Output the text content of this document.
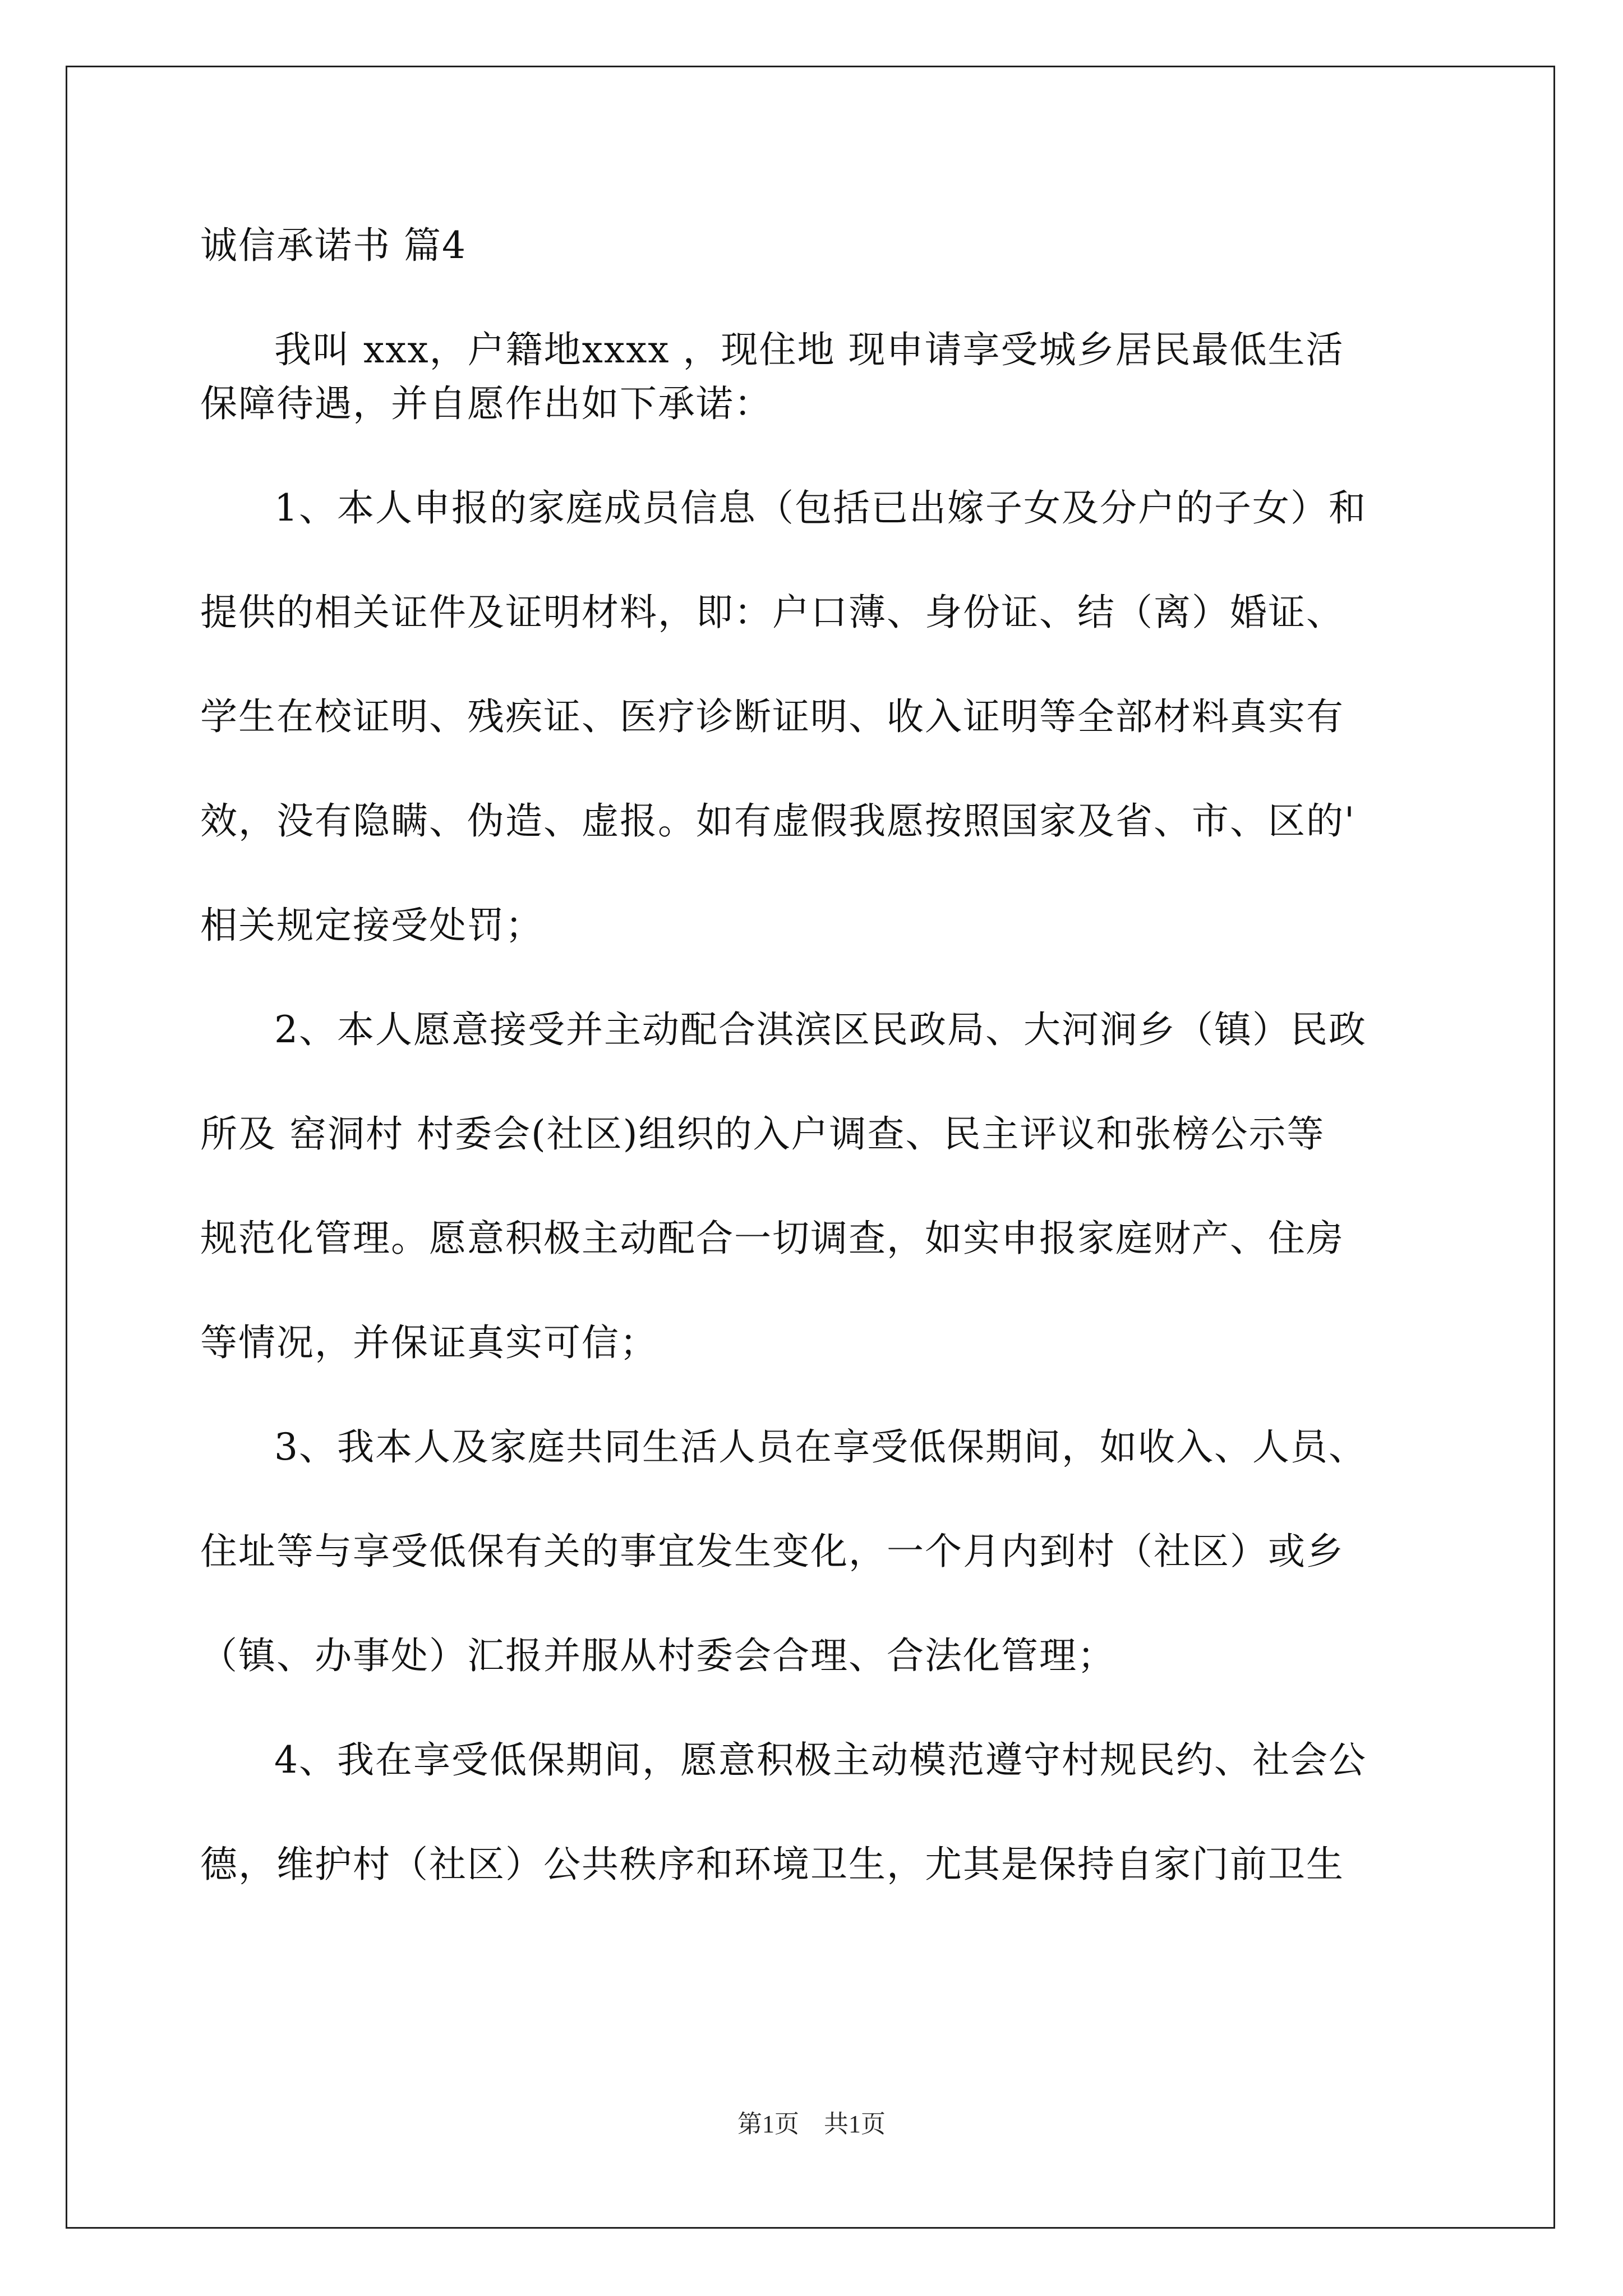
诚信承诺书 篇4
我叫 xxx，户籍地xxxx ，现住地 现申请享受城乡居民最低生活
保障待遇，并自愿作出如下承诺：
1、本人申报的家庭成员信息（包括已出嫁子女及分户的子女）和
提供的相关证件及证明材料，即：户口薄、身份证、结（离）婚证、
学生在校证明、残疾证、医疗诊断证明、收入证明等全部材料真实有
效，没有隐瞒、伪造、虚报。如有虚假我愿按照国家及省、市、区的'
相关规定接受处罚；
2、本人愿意接受并主动配合淇滨区民政局、大河涧乡（镇）民政
所及 窑洞村 村委会(社区)组织的入户调查、民主评议和张榜公示等
规范化管理。愿意积极主动配合一切调查，如实申报家庭财产、住房
等情况，并保证真实可信；
3、我本人及家庭共同生活人员在享受低保期间，如收入、人员、
住址等与享受低保有关的事宜发生变化，一个月内到村（社区）或乡
（镇、办事处）汇报并服从村委会合理、合法化管理；
4、我在享受低保期间，愿意积极主动模范遵守村规民约、社会公
德，维护村（社区）公共秩序和环境卫生，尤其是保持自家门前卫生
第1页　共1页
